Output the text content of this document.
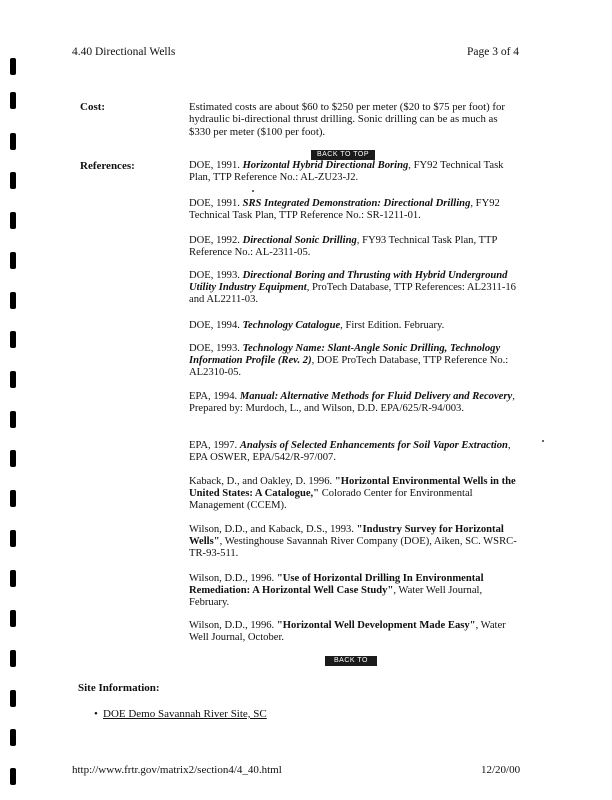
4.40 Directional Wells	Page 3 of 4
Cost:	Estimated costs are about $60 to $250 per meter ($20 to $75 per foot) for hydraulic bi-directional thrust drilling. Sonic drilling can be as much as $330 per meter ($100 per foot).
BACK TO TOP
References:	DOE, 1991. Horizontal Hybrid Directional Boring, FY92 Technical Task Plan, TTP Reference No.: AL-ZU23-J2.
DOE, 1991. SRS Integrated Demonstration: Directional Drilling, FY92 Technical Task Plan, TTP Reference No.: SR-1211-01.
DOE, 1992. Directional Sonic Drilling, FY93 Technical Task Plan, TTP Reference No.: AL-2311-05.
DOE, 1993. Directional Boring and Thrusting with Hybrid Underground Utility Industry Equipment, ProTech Database, TTP References: AL2311-16 and AL2211-03.
DOE, 1994. Technology Catalogue, First Edition. February.
DOE, 1993. Technology Name: Slant-Angle Sonic Drilling, Technology Information Profile (Rev. 2), DOE ProTech Database, TTP Reference No.: AL2310-05.
EPA, 1994. Manual: Alternative Methods for Fluid Delivery and Recovery, Prepared by: Murdoch, L., and Wilson, D.D. EPA/625/R-94/003.
EPA, 1997. Analysis of Selected Enhancements for Soil Vapor Extraction, EPA OSWER, EPA/542/R-97/007.
Kaback, D., and Oakley, D. 1996. "Horizontal Environmental Wells in the United States: A Catalogue," Colorado Center for Environmental Management (CCEM).
Wilson, D.D., and Kaback, D.S., 1993. "Industry Survey for Horizontal Wells", Westinghouse Savannah River Company (DOE), Aiken, SC. WSRC-TR-93-511.
Wilson, D.D., 1996. "Use of Horizontal Drilling In Environmental Remediation: A Horizontal Well Case Study", Water Well Journal, February.
Wilson, D.D., 1996. "Horizontal Well Development Made Easy", Water Well Journal, October.
BACK TO TOP
Site Information:
• DOE Demo Savannah River Site, SC
http://www.frtr.gov/matrix2/section4/4_40.html	12/20/00
